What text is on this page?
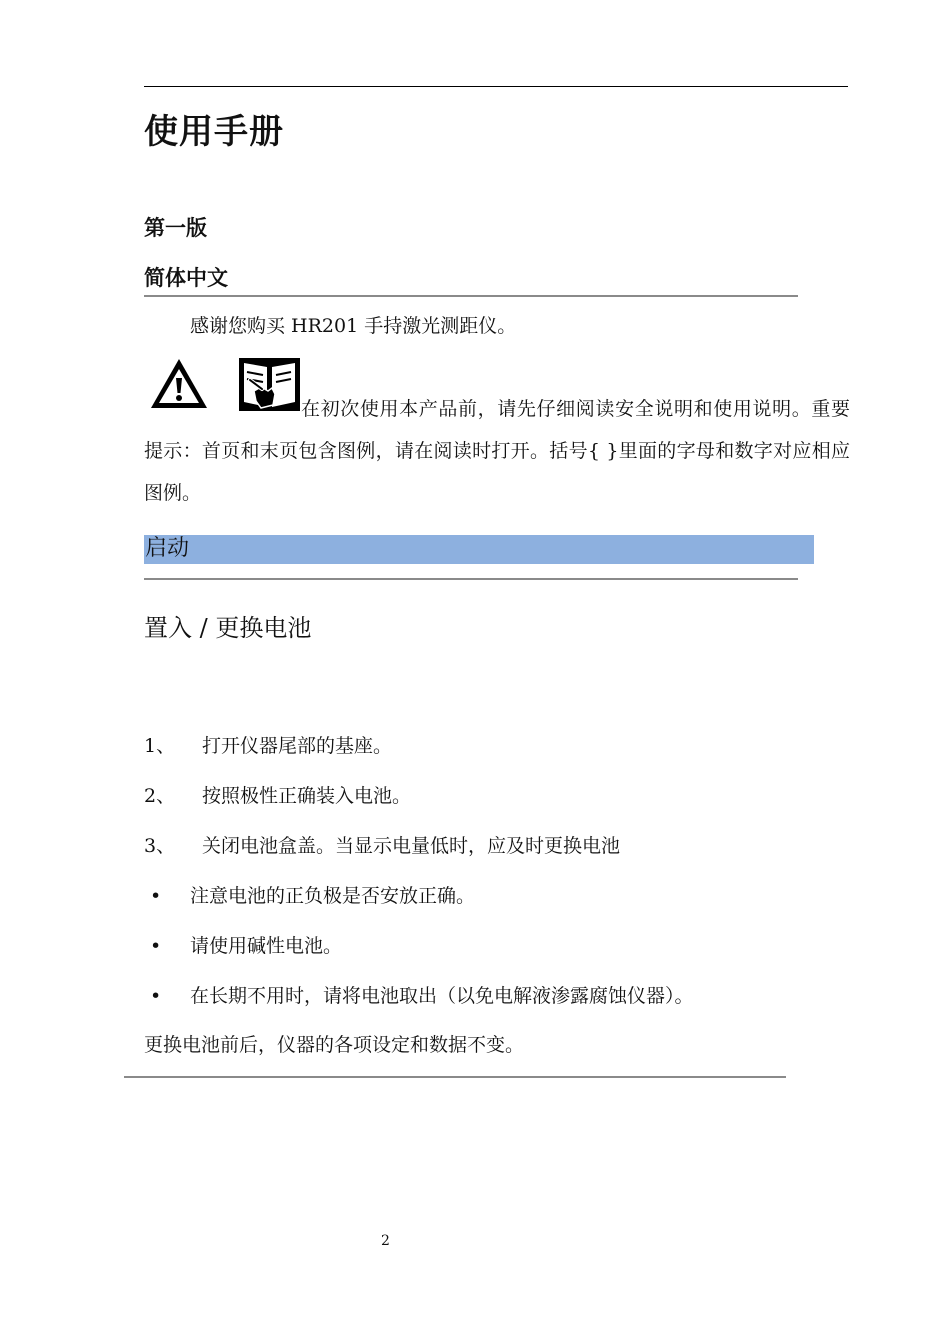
使用手册
第一版
简体中文
感谢您购买 HR201 手持激光测距仪。

在初次使用本产品前，请先仔细阅读安全说明和使用说明。重要提示：首页和末页包含图例，请在阅读时打开。括号{ }里面的字母和数字对应相应图例。

启动
置入 / 更换电池
1、 打开仪器尾部的基座。
2、 按照极性正确装入电池。
3、 关闭电池盒盖。当显示电量低时，应及时更换电池
• 注意电池的正负极是否安放正确。
• 请使用碱性电池。
• 在长期不用时，请将电池取出（以免电解液渗露腐蚀仪器）。
更换电池前后，仪器的各项设定和数据不变。
2
